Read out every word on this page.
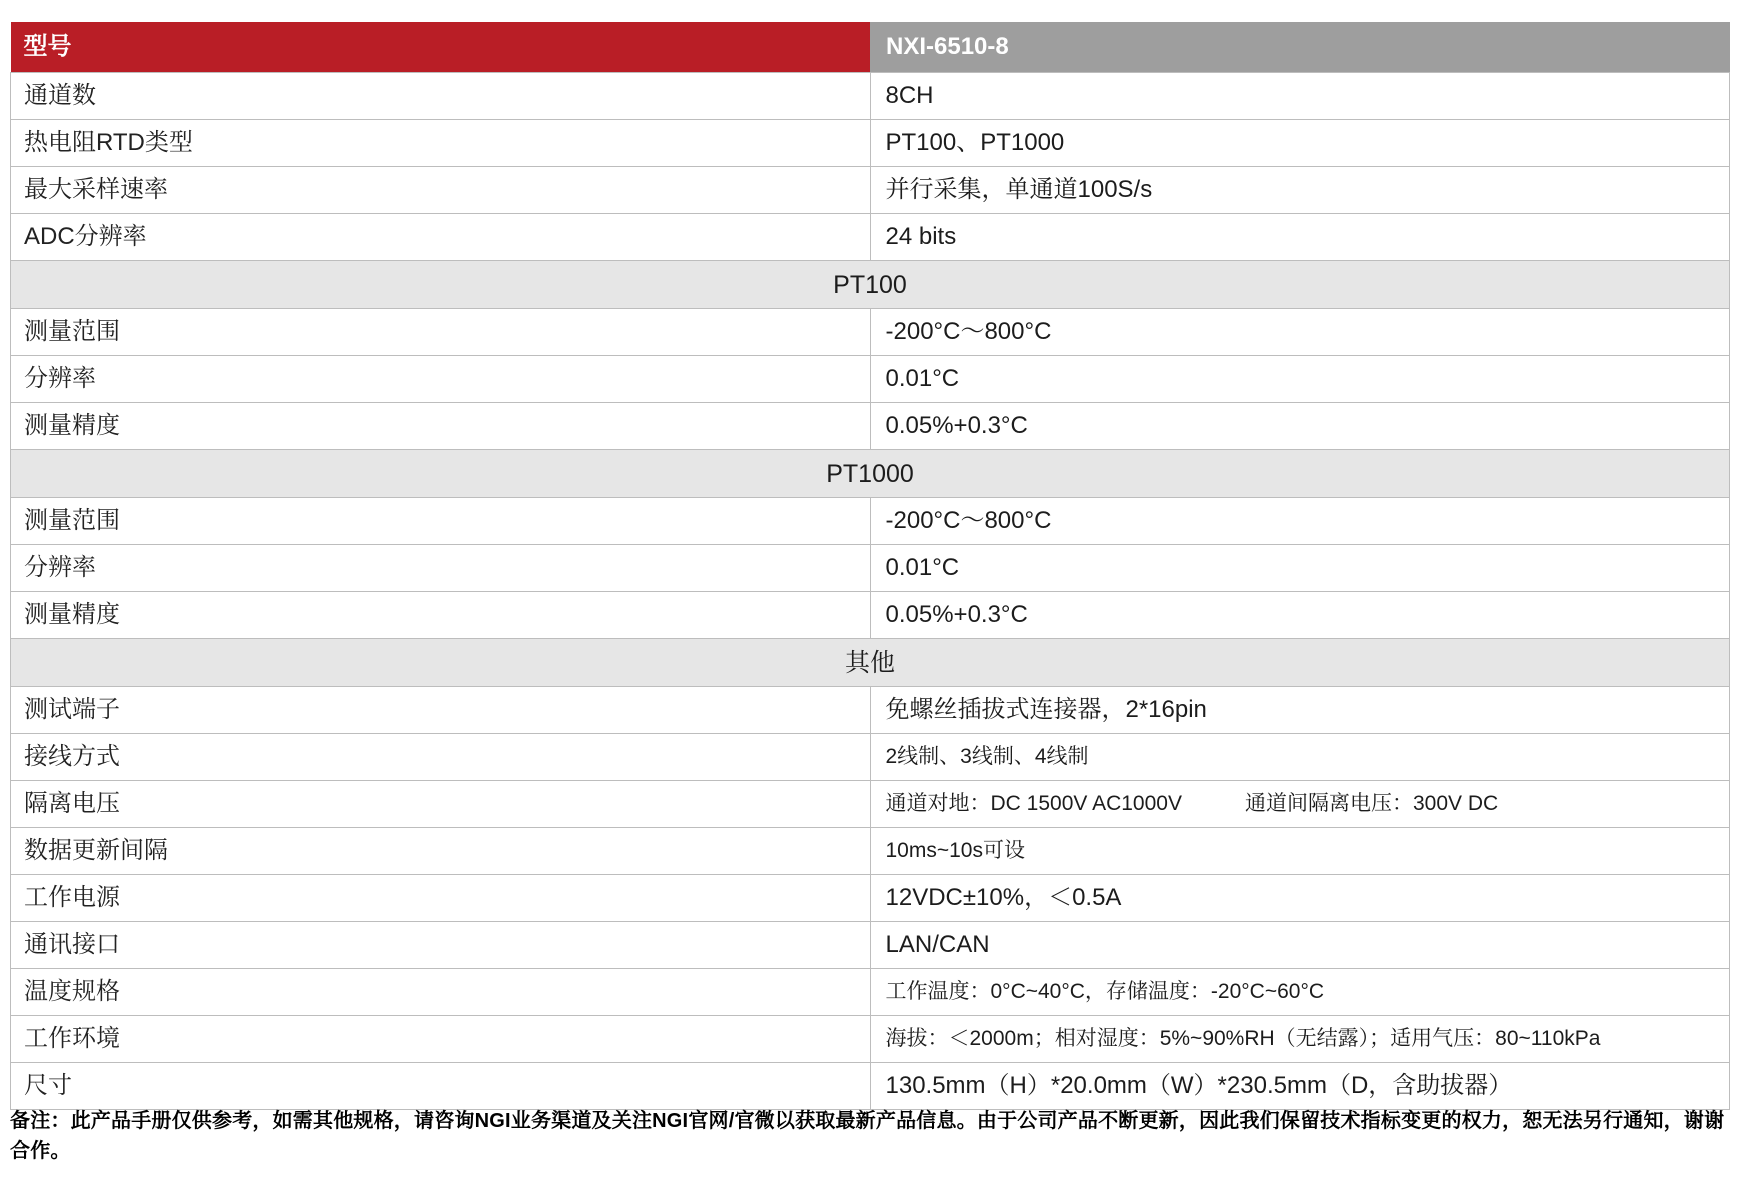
型号	NXI-6510-8
通道数	8CH
热电阻RTD类型	PT100、PT1000
最大采样速率	并行采集，单通道100S/s
ADC分辨率	24 bits
PT100	
测量范围	-200°C～800°C
分辨率	0.01°C
测量精度	0.05%+0.3°C
PT1000	
测量范围	-200°C～800°C
分辨率	0.01°C
测量精度	0.05%+0.3°C
其他	
测试端子	免螺丝插拔式连接器，2*16pin
接线方式	2线制、3线制、4线制
隔离电压	通道对地：DC 1500V AC1000V　　　通道间隔离电压：300V DC
数据更新间隔	10ms~10s可设
工作电源	12VDC±10%，＜0.5A
通讯接口	LAN/CAN
温度规格	工作温度：0°C~40°C，存储温度：-20°C~60°C
工作环境	海拔：＜2000m；相对湿度：5%~90%RH（无结露）；适用气压：80~110kPa
尺寸	130.5mm（H）*20.0mm（W）*230.5mm（D，含助拔器）
备注：此产品手册仅供参考，如需其他规格，请咨询NGI业务渠道及关注NGI官网/官微以获取最新产品信息。由于公司产品不断更新，因此我们保留技术指标变更的权力，恕无法另行通知，谢谢合作。
